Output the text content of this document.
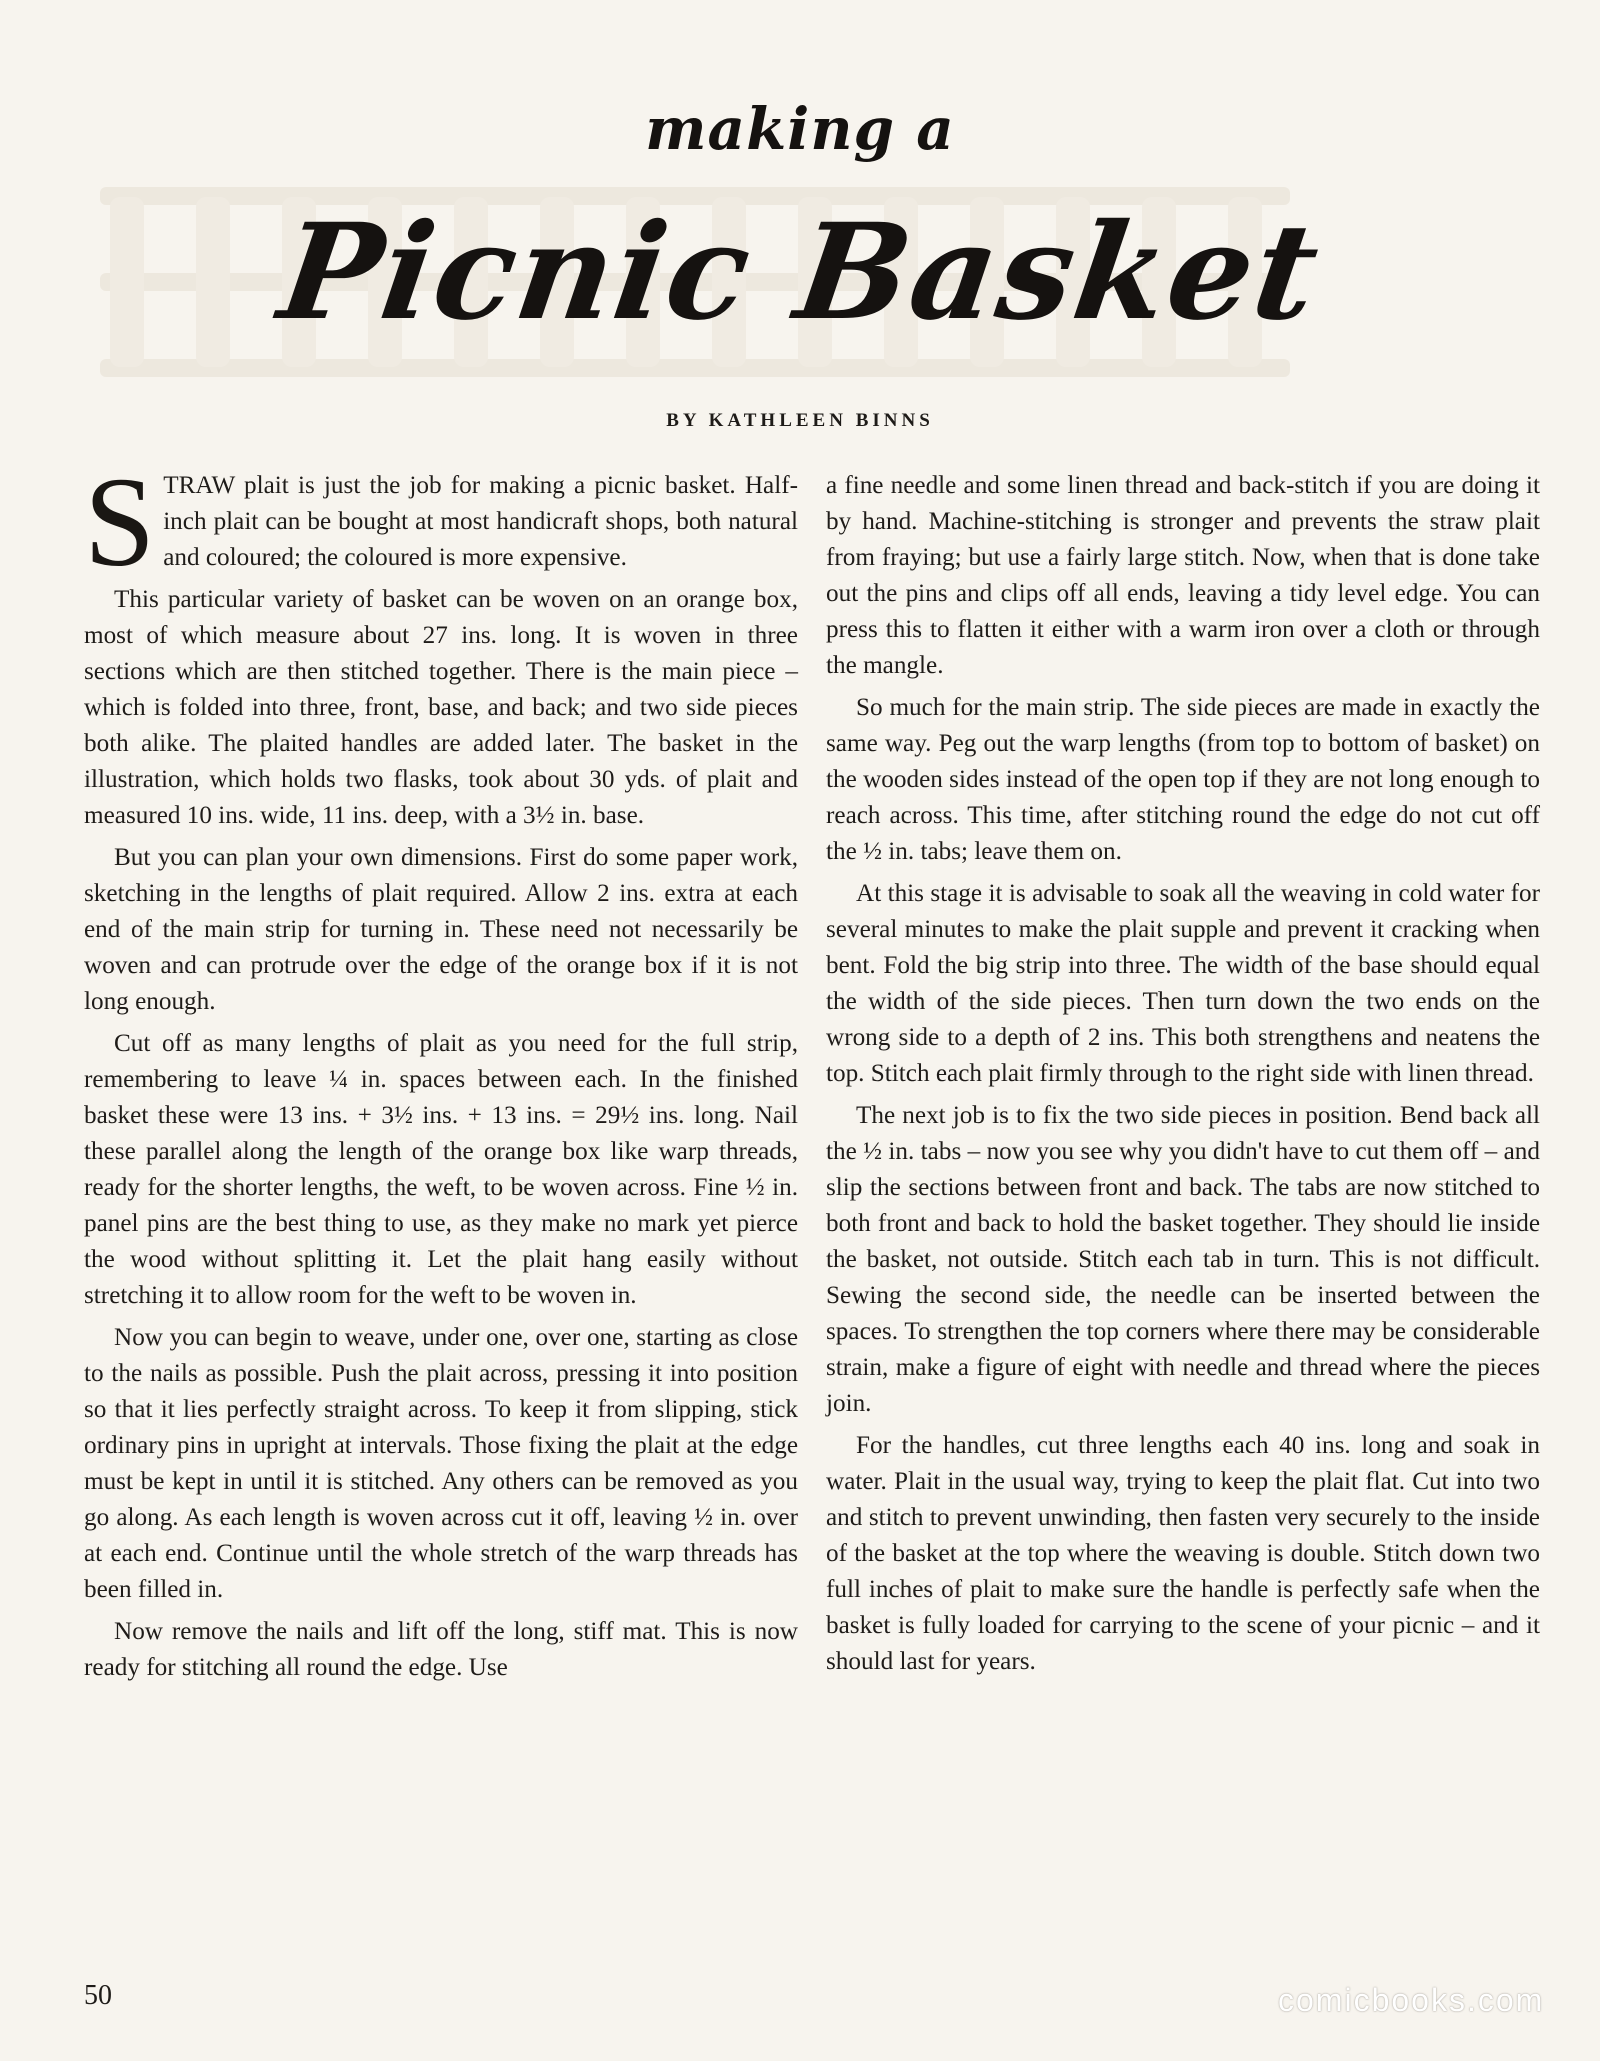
making a
Picnic Basket
BY KATHLEEN BINNS

STRAW plait is just the job for making a picnic basket. Half-inch plait can be bought at most handicraft shops, both natural and coloured; the coloured is more expensive.

This particular variety of basket can be woven on an orange box, most of which measure about 27 ins. long. It is woven in three sections which are then stitched together. There is the main piece – which is folded into three, front, base, and back; and two side pieces both alike. The plaited handles are added later. The basket in the illustration, which holds two flasks, took about 30 yds. of plait and measured 10 ins. wide, 11 ins. deep, with a 3½ in. base.

But you can plan your own dimensions. First do some paper work, sketching in the lengths of plait required. Allow 2 ins. extra at each end of the main strip for turning in. These need not necessarily be woven and can protrude over the edge of the orange box if it is not long enough.

Cut off as many lengths of plait as you need for the full strip, remembering to leave ¼ in. spaces between each. In the finished basket these were 13 ins. + 3½ ins. + 13 ins. = 29½ ins. long. Nail these parallel along the length of the orange box like warp threads, ready for the shorter lengths, the weft, to be woven across. Fine ½ in. panel pins are the best thing to use, as they make no mark yet pierce the wood without splitting it. Let the plait hang easily without stretching it to allow room for the weft to be woven in.

Now you can begin to weave, under one, over one, starting as close to the nails as possible. Push the plait across, pressing it into position so that it lies perfectly straight across. To keep it from slipping, stick ordinary pins in upright at intervals. Those fixing the plait at the edge must be kept in until it is stitched. Any others can be removed as you go along. As each length is woven across cut it off, leaving ½ in. over at each end. Continue until the whole stretch of the warp threads has been filled in.

Now remove the nails and lift off the long, stiff mat. This is now ready for stitching all round the edge. Use

a fine needle and some linen thread and back-stitch if you are doing it by hand. Machine-stitching is stronger and prevents the straw plait from fraying; but use a fairly large stitch. Now, when that is done take out the pins and clips off all ends, leaving a tidy level edge. You can press this to flatten it either with a warm iron over a cloth or through the mangle.

So much for the main strip. The side pieces are made in exactly the same way. Peg out the warp lengths (from top to bottom of basket) on the wooden sides instead of the open top if they are not long enough to reach across. This time, after stitching round the edge do not cut off the ½ in. tabs; leave them on.

At this stage it is advisable to soak all the weaving in cold water for several minutes to make the plait supple and prevent it cracking when bent. Fold the big strip into three. The width of the base should equal the width of the side pieces. Then turn down the two ends on the wrong side to a depth of 2 ins. This both strengthens and neatens the top. Stitch each plait firmly through to the right side with linen thread.

The next job is to fix the two side pieces in position. Bend back all the ½ in. tabs – now you see why you didn't have to cut them off – and slip the sections between front and back. The tabs are now stitched to both front and back to hold the basket together. They should lie inside the basket, not outside. Stitch each tab in turn. This is not difficult. Sewing the second side, the needle can be inserted between the spaces. To strengthen the top corners where there may be considerable strain, make a figure of eight with needle and thread where the pieces join.

For the handles, cut three lengths each 40 ins. long and soak in water. Plait in the usual way, trying to keep the plait flat. Cut into two and stitch to prevent unwinding, then fasten very securely to the inside of the basket at the top where the weaving is double. Stitch down two full inches of plait to make sure the handle is perfectly safe when the basket is fully loaded for carrying to the scene of your picnic – and it should last for years.

50	comicbooks.com
